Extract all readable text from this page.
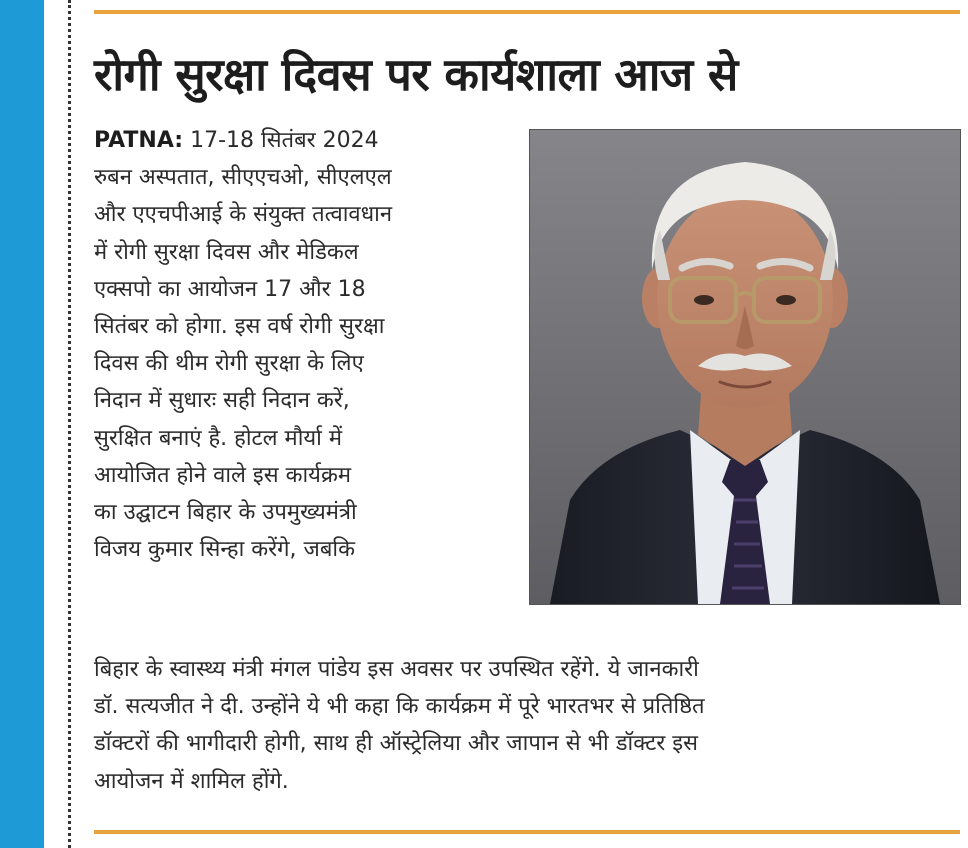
रोगी सुरक्षा दिवस पर कार्यशाला आज से
PATNA: 17-18 सितंबर 2024
रुबन अस्पतात, सीएएचओ, सीएलएल
और एएचपीआई के संयुक्त तत्वावधान
में रोगी सुरक्षा दिवस और मेडिकल
एक्सपो का आयोजन 17 और 18
सितंबर को होगा. इस वर्ष रोगी सुरक्षा
दिवस की थीम रोगी सुरक्षा के लिए
निदान में सुधारः सही निदान करें,
सुरक्षित बनाएं है. होटल मौर्या में
आयोजित होने वाले इस कार्यक्रम
का उद्घाटन बिहार के उपमुख्यमंत्री
विजय कुमार सिन्हा करेंगे, जबकि
बिहार के स्वास्थ्य मंत्री मंगल पांडेय इस अवसर पर उपस्थित रहेंगे. ये जानकारी
डॉ. सत्यजीत ने दी. उन्होंने ये भी कहा कि कार्यक्रम में पूरे भारतभर से प्रतिष्ठित
डॉक्टरों की भागीदारी होगी, साथ ही ऑस्ट्रेलिया और जापान से भी डॉक्टर इस
आयोजन में शामिल होंगे.
